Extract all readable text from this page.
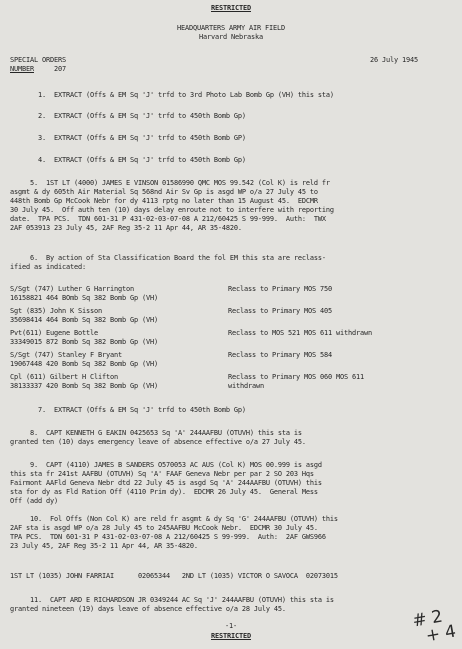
RESTRICTED
HEADQUARTERS ARMY AIR FIELD
Harvard Nebraska
SPECIAL ORDERS
NUMBER	207
26 July 1945
1.  EXTRACT (Offs & EM Sq 'J' trfd to 3rd Photo Lab Bomb Gp (VH) this sta)
2.  EXTRACT (Offs & EM Sq 'J' trfd to 450th Bomb Gp)
3.  EXTRACT (Offs & EM Sq 'J' trfd to 450th Bomb GP)
4.  EXTRACT (Offs & EM Sq 'J' trfd to 450th Bomb Gp)
5.  1ST LT (4000) JAMES E VINSON 01586990 QMC MOS 99.542 (Col K) is reld fr
asgmt & dy 605th Air Material Sq 568nd Air Sv Gp is asgd WP o/a 27 July 45 to
448th Bomb Gp McCook Nebr for dy 4113 rptg no later than 15 August 45.  EDCMR
30 July 45.  Off auth ten (10) days delay enroute not to interfere with reporting
date.  TPA PCS.  TDN 601-31 P 431-02-03-07-08 A 212/60425 S 99-999.  Auth:  TWX
2AF 053913 23 July 45, 2AF Reg 35-2 11 Apr 44, AR 35-4820.
6.  By action of Sta Classification Board the fol EM this sta are reclass-
ified as indicated:
S/Sgt (747) Luther G Harrington
16158821 464 BOmb Sq 382 Bomb Gp (VH)
Reclass to Primary MOS 750
Sgt (835) John K Sisson
35698414 464 Bomb Sq 382 Bomb Gp (VH)
Reclass to Primary MOS 405
Pvt(611) Eugene Bottle
33349015 872 Bomb Sq 382 Bomb Gp (VH)
Reclass to MOS 521 MOS 611 withdrawn
S/Sgt (747) Stanley F Bryant
19067448 420 Bomb Sq 382 Bomb Gp (VH)
Reclass to Primary MOS 584
Cpl (611) Gilbert H Clifton
38133337 420 Bomb Sq 382 Bomb Gp (VH)
Reclass to Primary MOS 060 MOS 611
withdrawn
7.  EXTRACT (Offs & EM Sq 'J' trfd to 450th Bomb Gp)
8.  CAPT KENNETH G EAKIN 0425653 Sq 'A' 244AAFBU (OTUVH) this sta is
granted ten (10) days emergency leave of absence effective o/a 27 July 45.
9.  CAPT (4110) JAMES B SANDERS O570053 AC AUS (Col K) MOS 00.999 is asgd
this sta fr 241st AAFBU (OTUVH) Sq 'A' FAAF Geneva Nebr per par 2 SO 203 Hqs
Fairmont AAFld Geneva Nebr dtd 22 July 45 is asgd Sq 'A' 244AAFBU (OTUVH) this
sta for dy as Fld Ration Off (4110 Prim dy).  EDCMR 26 July 45.  General Mess
Off (add dy)
10.  Fol Offs (Non Col K) are reld fr asgmt & dy Sq 'G' 244AAFBU (OTUVH) this
2AF sta is asgd WP o/a 28 July 45 to 245AAFBU McCook Nebr.  EDCMR 30 July 45.
TPA PCS.  TDN 601-31 P 431-02-03-07-08 A 212/60425 S 99-999.  Auth:  2AF GWS966
23 July 45, 2AF Reg 35-2 11 Apr 44, AR 35-4820.
1ST LT (1035) JOHN FARRIAI      02065344   2ND LT (1035) VICTOR O SAVOCA  02073015
11.  CAPT ARD E RICHARDSON JR 0349244 AC Sq 'J' 244AAFBU (OTUVH) this sta is
granted nineteen (19) days leave of absence effective o/a 28 July 45.
-1-
RESTRICTED
# 2
+ 4
